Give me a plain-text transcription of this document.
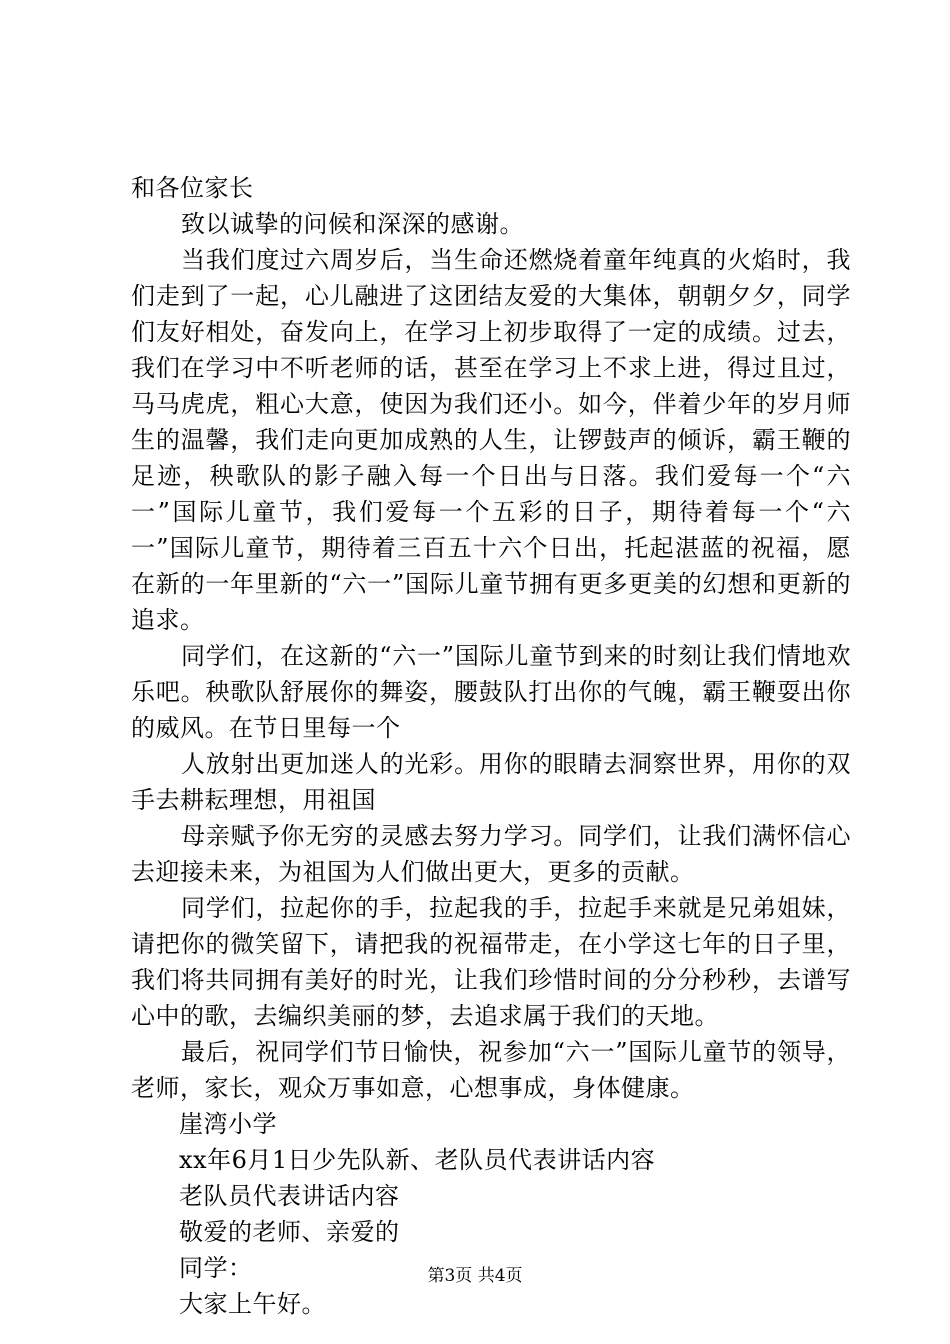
和各位家长

致以诚挚的问候和深深的感谢。

当我们度过六周岁后，当生命还燃烧着童年纯真的火焰时，我们走到了一起，心儿融进了这团结友爱的大集体，朝朝夕夕，同学们友好相处，奋发向上，在学习上初步取得了一定的成绩。过去，我们在学习中不听老师的话，甚至在学习上不求上进，得过且过，马马虎虎，粗心大意，使因为我们还小。如今，伴着少年的岁月师生的温馨，我们走向更加成熟的人生，让锣鼓声的倾诉，霸王鞭的足迹，秧歌队的影子融入每一个日出与日落。我们爱每一个“六一”国际儿童节，我们爱每一个五彩的日子，期待着每一个“六一”国际儿童节，期待着三百五十六个日出，托起湛蓝的祝福，愿在新的一年里新的“六一”国际儿童节拥有更多更美的幻想和更新的追求。

同学们，在这新的“六一”国际儿童节到来的时刻让我们情地欢乐吧。秧歌队舒展你的舞姿，腰鼓队打出你的气魄，霸王鞭耍出你的威风。在节日里每一个

人放射出更加迷人的光彩。用你的眼睛去洞察世界，用你的双手去耕耘理想，用祖国

母亲赋予你无穷的灵感去努力学习。同学们，让我们满怀信心去迎接未来，为祖国为人们做出更大，更多的贡献。

同学们，拉起你的手，拉起我的手，拉起手来就是兄弟姐妹，请把你的微笑留下，请把我的祝福带走，在小学这七年的日子里，我们将共同拥有美好的时光，让我们珍惜时间的分分秒秒，去谱写心中的歌，去编织美丽的梦，去追求属于我们的天地。

最后，祝同学们节日愉快，祝参加“六一”国际儿童节的领导，老师，家长，观众万事如意，心想事成，身体健康。

崖湾小学

xx年6月1日少先队新、老队员代表讲话内容

老队员代表讲话内容

敬爱的老师、亲爱的

同学：

大家上午好。

第3页 共4页
